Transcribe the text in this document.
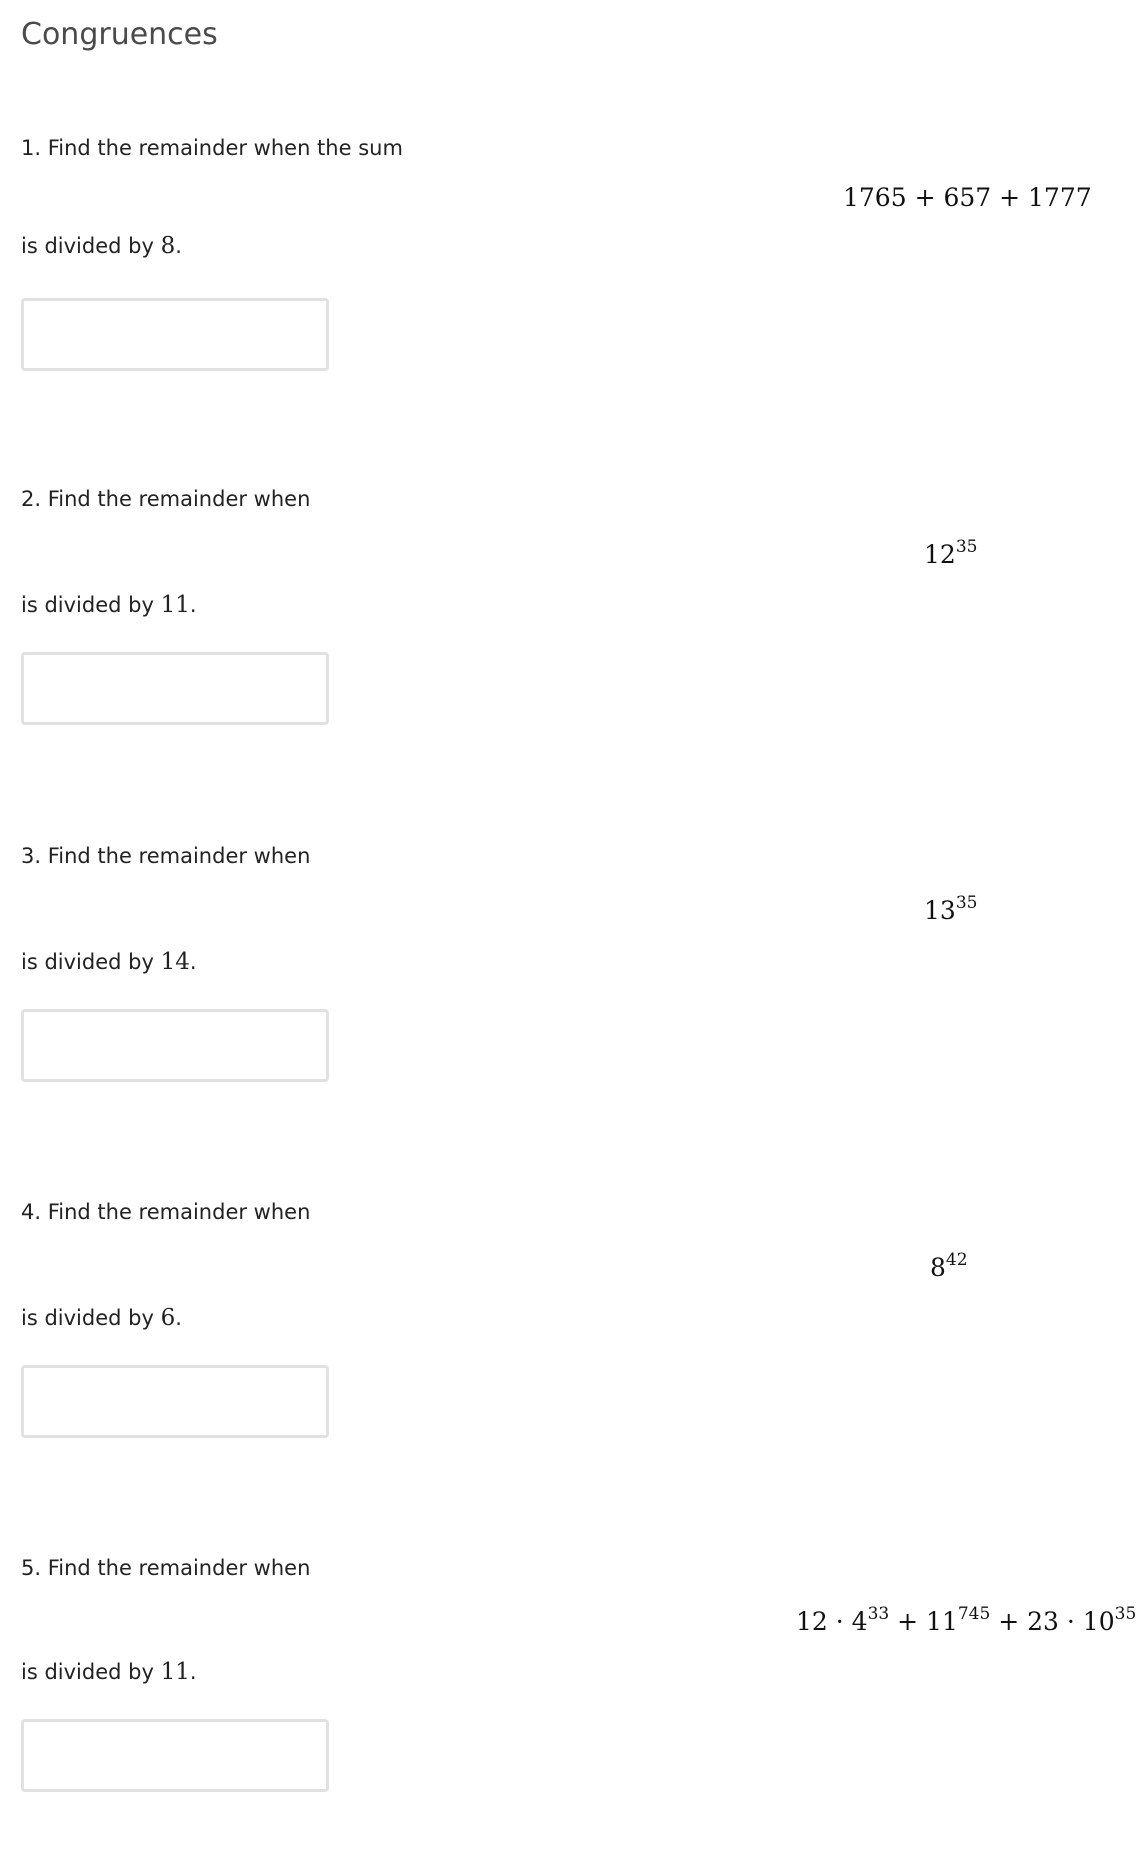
Congruences

1. Find the remainder when the sum

1765 + 657 + 1777

is divided by 8.

2. Find the remainder when

$12^{35}$

is divided by 11.

3. Find the remainder when

$13^{35}$

is divided by 14.

4. Find the remainder when

$8^{42}$

is divided by 6.

5. Find the remainder when

$12 \cdot 4^{33} + 11^{745} + 23 \cdot 10^{35}$

is divided by 11.
